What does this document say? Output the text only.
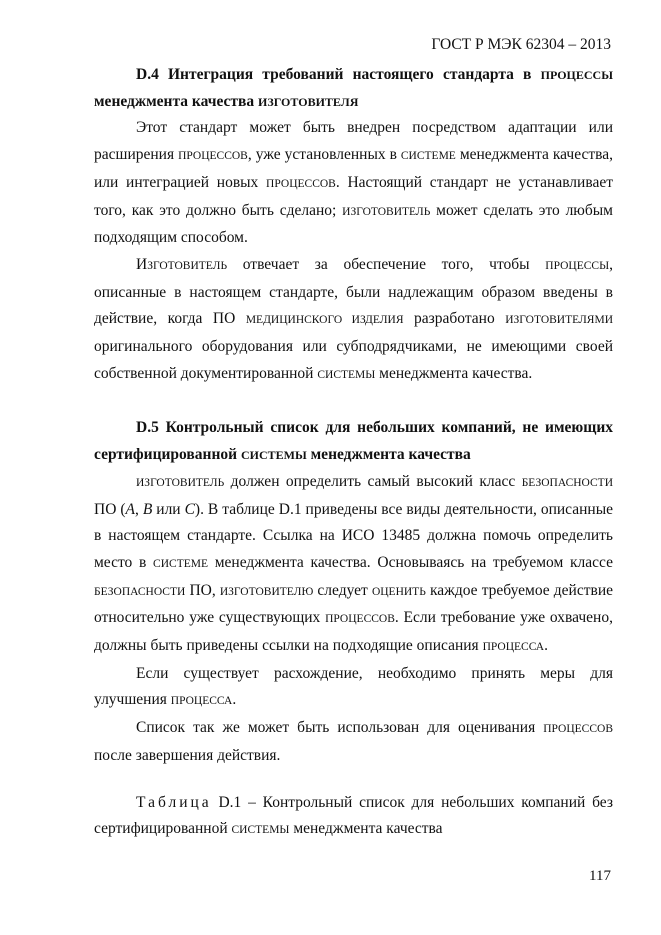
ГОСТ Р МЭК 62304 – 2013

D.4 Интеграция требований настоящего стандарта в ПРОЦЕССЫ менеджмента качества ИЗГОТОВИТЕЛЯ

Этот стандарт может быть внедрен посредством адаптации или расширения ПРОЦЕССОВ, уже установленных в СИСТЕМЕ менеджмента качества, или интеграцией новых ПРОЦЕССОВ. Настоящий стандарт не устанавливает того, как это должно быть сделано; ИЗГОТОВИТЕЛЬ может сделать это любым подходящим способом.

ИЗГОТОВИТЕЛЬ отвечает за обеспечение того, чтобы ПРОЦЕССЫ, описанные в настоящем стандарте, были надлежащим образом введены в действие, когда ПО МЕДИЦИНСКОГО ИЗДЕЛИЯ разработано ИЗГОТОВИТЕЛЯМИ оригинального оборудования или субподрядчиками, не имеющими своей собственной документированной СИСТЕМЫ менеджмента качества.

D.5 Контрольный список для небольших компаний, не имеющих сертифицированной СИСТЕМЫ менеджмента качества

ИЗГОТОВИТЕЛЬ должен определить самый высокий класс БЕЗОПАСНОСТИ ПО (A, B или C). В таблице D.1 приведены все виды деятельности, описанные в настоящем стандарте. Ссылка на ИСО 13485 должна помочь определить место в СИСТЕМЕ менеджмента качества. Основываясь на требуемом классе БЕЗОПАСНОСТИ ПО, ИЗГОТОВИТЕЛЮ следует ОЦЕНИТЬ каждое требуемое действие относительно уже существующих ПРОЦЕССОВ. Если требование уже охвачено, должны быть приведены ссылки на подходящие описания ПРОЦЕССА.

Если существует расхождение, необходимо принять меры для улучшения ПРОЦЕССА.

Список так же может быть использован для оценивания ПРОЦЕССОВ после завершения действия.

Таблица D.1 – Контрольный список для небольших компаний без сертифицированной СИСТЕМЫ менеджмента качества

117
